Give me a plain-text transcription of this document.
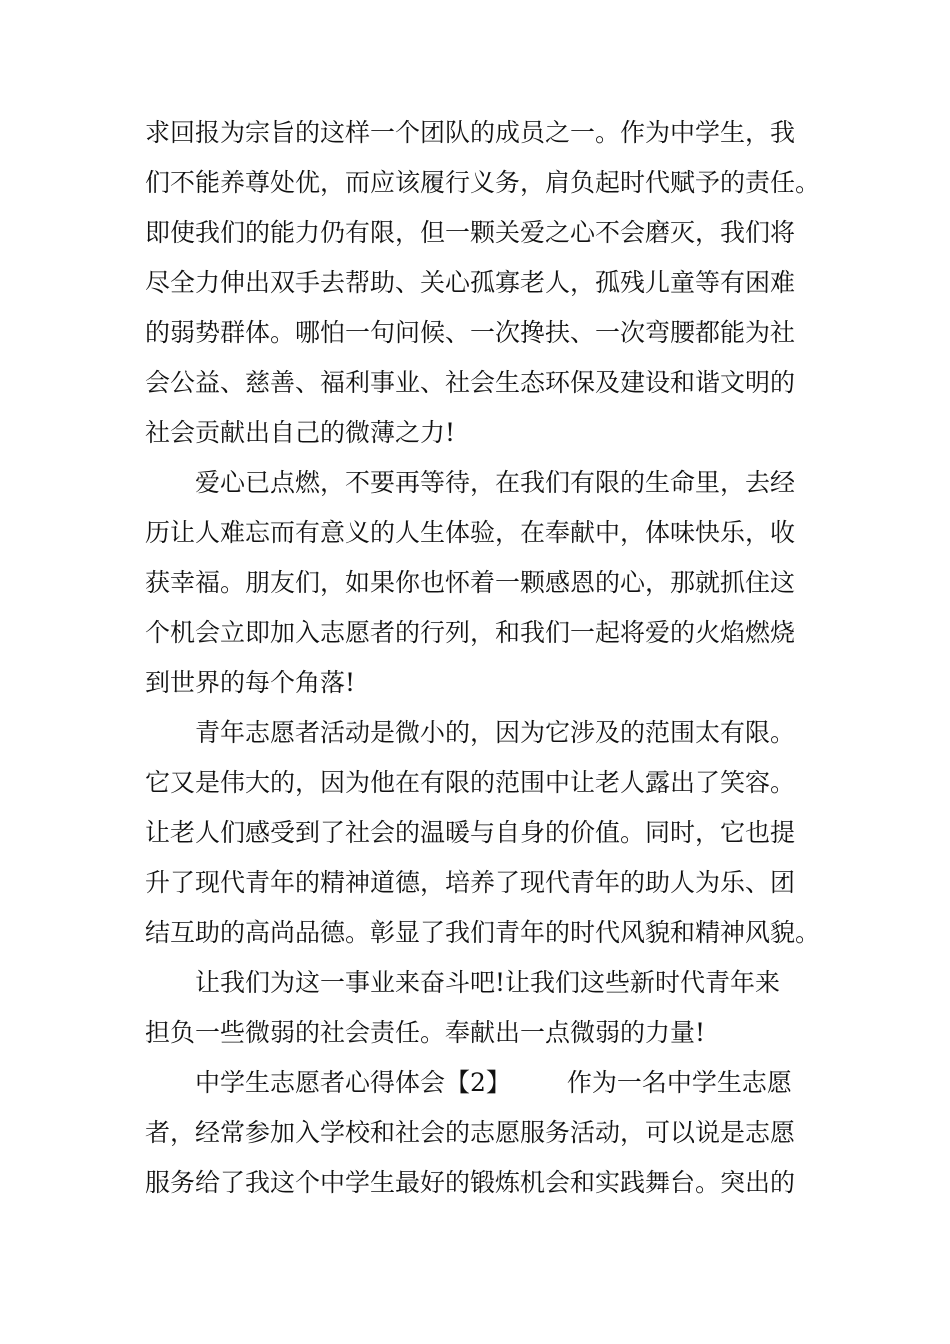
求回报为宗旨的这样一个团队的成员之一。作为中学生，我
们不能养尊处优，而应该履行义务，肩负起时代赋予的责任。
即使我们的能力仍有限，但一颗关爱之心不会磨灭，我们将
尽全力伸出双手去帮助、关心孤寡老人，孤残儿童等有困难
的弱势群体。哪怕一句问候、一次搀扶、一次弯腰都能为社
会公益、慈善、福利事业、社会生态环保及建设和谐文明的
社会贡献出自己的微薄之力!
爱心已点燃，不要再等待，在我们有限的生命里，去经
历让人难忘而有意义的人生体验，在奉献中，体味快乐，收
获幸福。朋友们，如果你也怀着一颗感恩的心，那就抓住这
个机会立即加入志愿者的行列，和我们一起将爱的火焰燃烧
到世界的每个角落!
青年志愿者活动是微小的，因为它涉及的范围太有限。
它又是伟大的，因为他在有限的范围中让老人露出了笑容。
让老人们感受到了社会的温暖与自身的价值。同时，它也提
升了现代青年的精神道德，培养了现代青年的助人为乐、团
结互助的高尚品德。彰显了我们青年的时代风貌和精神风貌。
让我们为这一事业来奋斗吧!让我们这些新时代青年来
担负一些微弱的社会责任。奉献出一点微弱的力量!
中学生志愿者心得体会【2】 作为一名中学生志愿
者，经常参加入学校和社会的志愿服务活动，可以说是志愿
服务给了我这个中学生最好的锻炼机会和实践舞台。突出的
